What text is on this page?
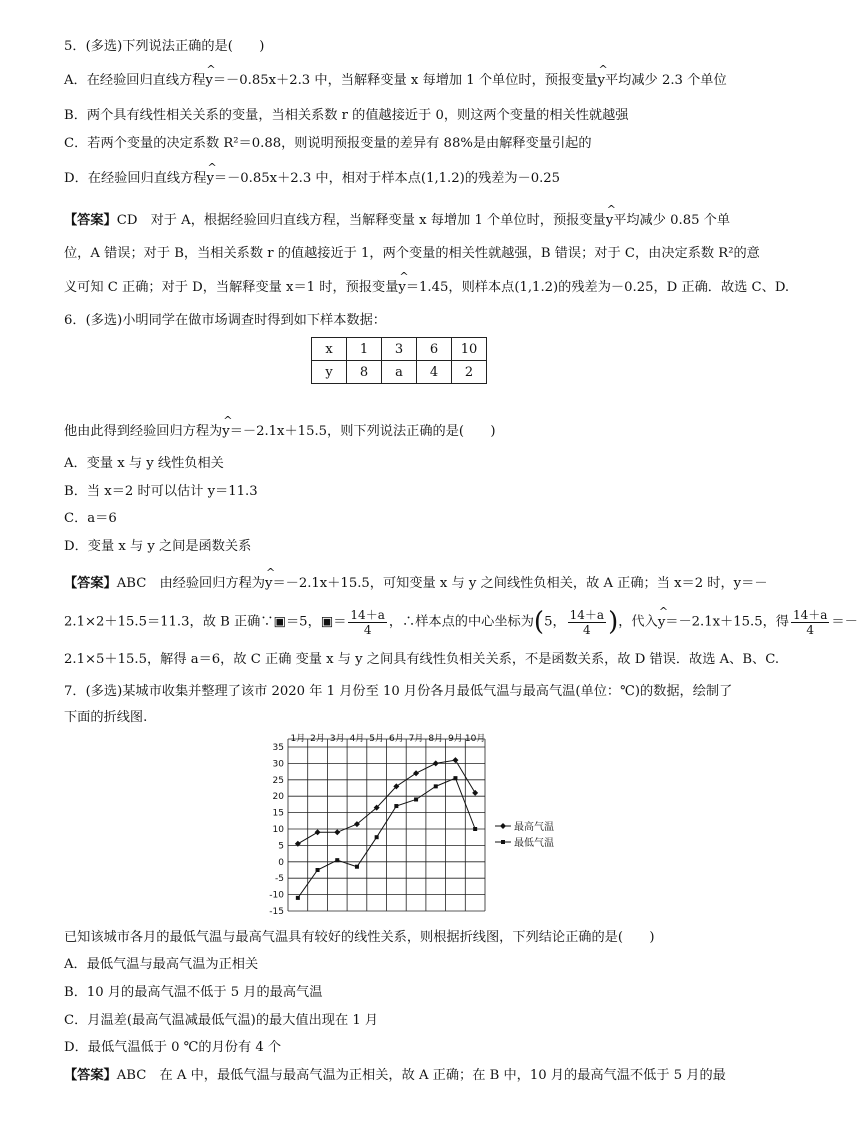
5．(多选)下列说法正确的是(　　)
A．在经验回归直线方程^ y＝－0.85x＋2.3 中，当解释变量 x 每增加 1 个单位时，预报变量^ y平均减少 2.3 个单位
B．两个具有线性相关关系的变量，当相关系数 r 的值越接近于 0，则这两个变量的相关性就越强
C．若两个变量的决定系数 R²＝0.88，则说明预报变量的差异有 88%是由解释变量引起的
D．在经验回归直线方程^ y＝－0.85x＋2.3 中，相对于样本点(1,1.2)的残差为－0.25
【答案】CD　对于 A，根据经验回归直线方程，当解释变量 x 每增加 1 个单位时，预报变量^ y平均减少 0.85 个单
位，A 错误；对于 B，当相关系数 r 的值越接近于 1，两个变量的相关性就越强，B 错误；对于 C，由决定系数 R²的意
义可知 C 正确；对于 D，当解释变量 x＝1 时，预报变量^ y＝1.45，则样本点(1,1.2)的残差为－0.25，D 正确．故选 C、D.
6．(多选)小明同学在做市场调查时得到如下样本数据：
x	1	3	6	10
y	8	a	4	2
他由此得到经验回归方程为^ y＝－2.1x＋15.5，则下列说法正确的是(　　)
A．变量 x 与 y 线性负相关
B．当 x＝2 时可以估计 y＝11.3
C．a＝6
D．变量 x 与 y 之间是函数关系
【答案】ABC　由经验回归方程为^ y＝－2.1x＋15.5，可知变量 x 与 y 之间线性负相关，故 A 正确；当 x＝2 时，y＝－
2.1×2＋15.5＝11.3，故 B 正确∵▣＝5，▣＝ $\frac{14+a}{4}$ ，∴样本点的中心坐标为(5， $\frac{14+a}{4}$ )，代入^ y＝－2.1x＋15.5，得 $\frac{14+a}{4}$ ＝－
2.1×5＋15.5，解得 a＝6，故 C 正确 变量 x 与 y 之间具有线性负相关关系，不是函数关系，故 D 错误．故选 A、B、C.
7．(多选)某城市收集并整理了该市 2020 年 1 月份至 10 月份各月最低气温与最高气温(单位：℃)的数据，绘制了
下面的折线图.
35
30
25
20
15
10
5
0
-5
-10
-15
1月 2月 3月 4月 5月 6月 7月 8月 9月 10月
最高气温
最低气温
已知该城市各月的最低气温与最高气温具有较好的线性关系，则根据折线图，下列结论正确的是(　　)
A．最低气温与最高气温为正相关
B．10 月的最高气温不低于 5 月的最高气温
C．月温差(最高气温减最低气温)的最大值出现在 1 月
D．最低气温低于 0 ℃的月份有 4 个
【答案】ABC　在 A 中，最低气温与最高气温为正相关，故 A 正确；在 B 中，10 月的最高气温不低于 5 月的最
